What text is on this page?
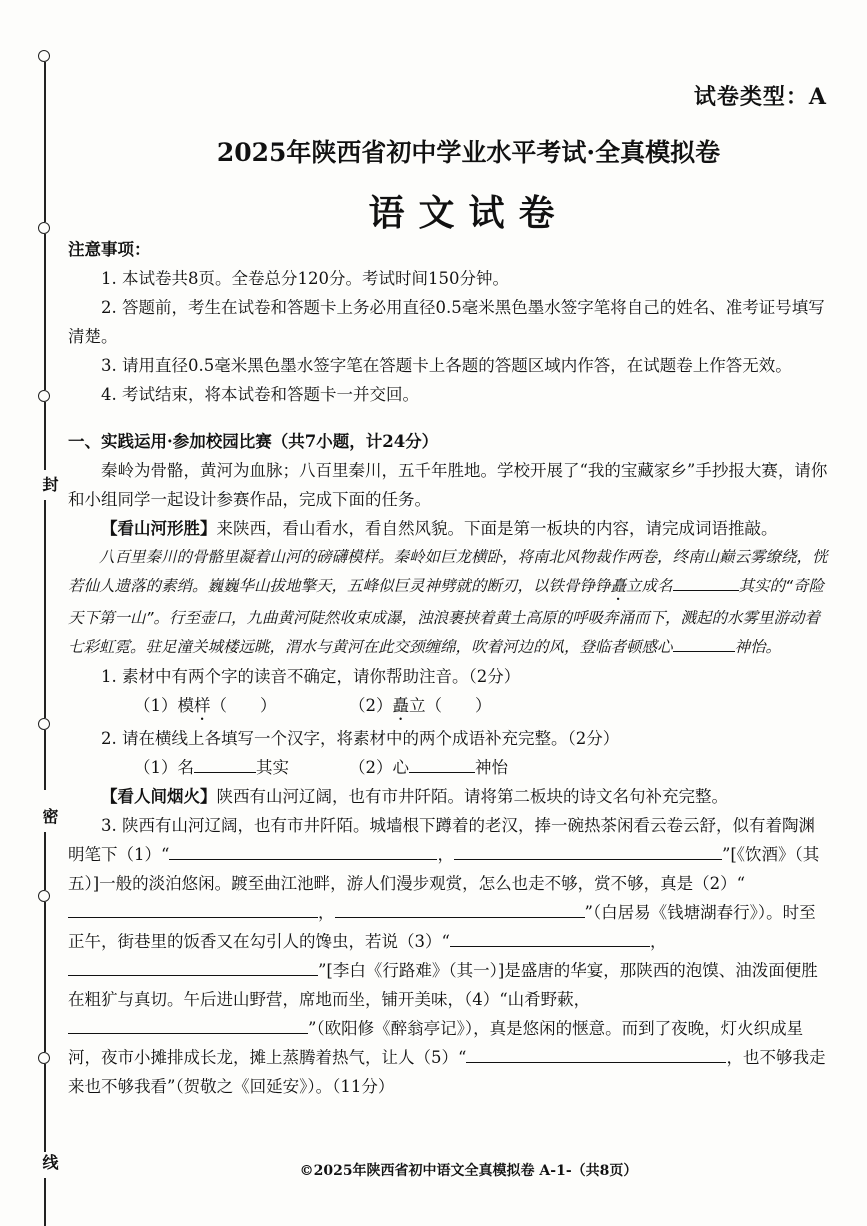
封
密
线
试卷类型：A
2025年陕西省初中学业水平考试·全真模拟卷
语文试卷

注意事项：

1. 本试卷共8页。全卷总分120分。考试时间150分钟。

2. 答题前，考生在试卷和答题卡上务必用直径0.5毫米黑色墨水签字笔将自己的姓名、准考证号填写清楚。

3. 请用直径0.5毫米黑色墨水签字笔在答题卡上各题的答题区域内作答，在试题卷上作答无效。

4. 考试结束，将本试卷和答题卡一并交回。

一、实践运用·参加校园比赛（共7小题，计24分）

秦岭为骨骼，黄河为血脉；八百里秦川，五千年胜地。学校开展了“我的宝藏家乡”手抄报大赛，请你和小组同学一起设计参赛作品，完成下面的任务。

【看山河形胜】来陕西，看山看水，看自然风貌。下面是第一板块的内容，请完成词语推敲。

八百里秦川的骨骼里凝着山河的磅礴模样。秦岭如巨龙横卧，将南北风物裁作两卷，终南山巅云雾缭绕，恍若仙人遗落的素绡。巍巍华山拔地擎天，五峰似巨灵神劈就的断刃，以铁骨铮铮矗立成名	其实的“奇险天下第一山”。行至壶口，九曲黄河陡然收束成瀑，浊浪裹挟着黄土高原的呼吸奔涌而下，溅起的水雾里游动着七彩虹霓。驻足潼关城楼远眺，渭水与黄河在此交颈缠绵，吹着河边的风，登临者顿感心	神怡。

1. 素材中有两个字的读音不确定，请你帮助注音。（2分）

（1）模样（　　）	（2）矗立（　　）

2. 请在横线上各填写一个汉字，将素材中的两个成语补充完整。（2分）

（1）名	其实	（2）心	神怡

【看人间烟火】陕西有山河辽阔，也有市井阡陌。请将第二板块的诗文名句补充完整。

3. 陕西有山河辽阔，也有市井阡陌。城墙根下蹲着的老汉，捧一碗热茶闲看云卷云舒，似有着陶渊明笔下（1）“	，	”[《饮酒》（其五）]一般的淡泊悠闲。踱至曲江池畔，游人们漫步观赏，怎么也走不够，赏不够，真是（2）“，	”（白居易《钱塘湖春行》）。时至正午，街巷里的饭香又在勾引人的馋虫，若说（3）“	，”[李白《行路难》（其一）]是盛唐的华宴，那陕西的泡馍、油泼面便胜在粗犷与真切。午后进山野营，席地而坐，铺开美味，（4）“山肴野蔌，”（欧阳修《醉翁亭记》），真是悠闲的惬意。而到了夜晚，灯火织成星河，夜市小摊排成长龙，摊上蒸腾着热气，让人（5）“	，也不够我走来也不够我看”（贺敬之《回延安》）。（11分）

©2025年陕西省初中语文全真模拟卷 A-1-（共8页）
